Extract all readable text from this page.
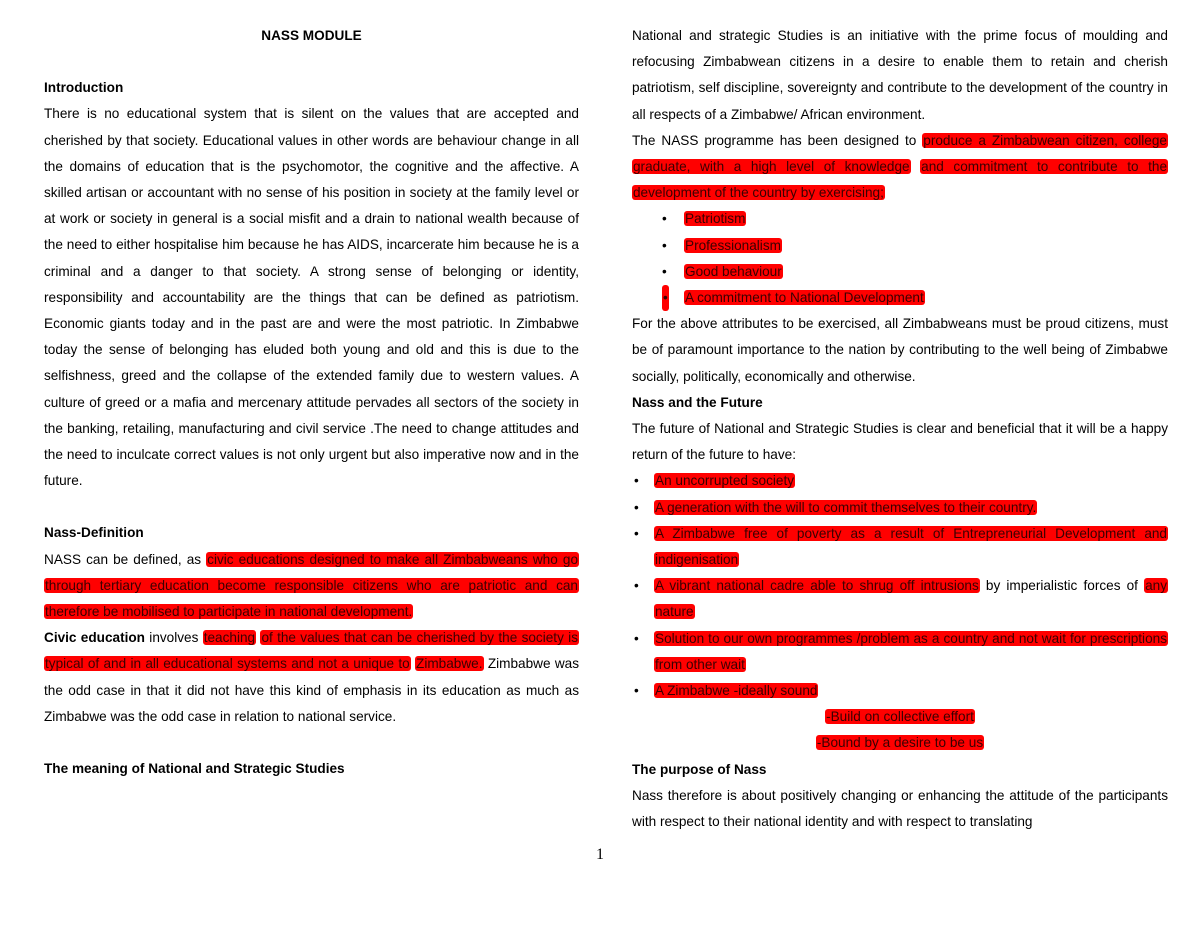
NASS MODULE

Introduction

There is no educational system that is silent on the values that are accepted and cherished by that society. Educational values in other words are behaviour change in all the domains of education that is the psychomotor, the cognitive and the affective. A skilled artisan or accountant with no sense of his position in society at the family level or at work or society in general is a social misfit and a drain to national wealth because of the need to either hospitalise him because he has AIDS, incarcerate him because he is a criminal and a danger to that society. A strong sense of belonging or identity, responsibility and accountability are the things that can be defined as patriotism. Economic giants today and in the past are and were the most patriotic. In Zimbabwe today the sense of belonging has eluded both young and old and this is due to the selfishness, greed and the collapse of the extended family due to western values. A culture of greed or a mafia and mercenary attitude pervades all sectors of the society in the banking, retailing, manufacturing and civil service .The need to change attitudes and the need to inculcate correct values is not only urgent but also imperative now and in the future.

Nass-Definition

NASS can be defined, as civic educations designed to make all Zimbabweans who go through tertiary education become responsible citizens who are patriotic and can therefore be mobilised to participate in national development.

Civic education involves teaching of the values that can be cherished by the society is typical of and in all educational systems and not a unique to Zimbabwe. Zimbabwe was the odd case in that it did not have this kind of emphasis in its education as much as Zimbabwe was the odd case in relation to national service.

The meaning of National and Strategic Studies

National and strategic Studies is an initiative with the prime focus of moulding and refocusing Zimbabwean citizens in a desire to enable them to retain and cherish patriotism, self discipline, sovereignty and contribute to the development of the country in all respects of a Zimbabwe/ African environment.

The NASS programme has been designed to produce a Zimbabwean citizen, college graduate, with a high level of knowledge and commitment to contribute to the development of the country by exercising;

• Patriotism
• Professionalism
• Good behaviour
• A commitment to National Development

For the above attributes to be exercised, all Zimbabweans must be proud citizens, must be of paramount importance to the nation by contributing to the well being of Zimbabwe socially, politically, economically and otherwise.

Nass and the Future

The future of National and Strategic Studies is clear and beneficial that it will be a happy return of the future to have:

• An uncorrupted society
• A generation with the will to commit themselves to their country.
• A Zimbabwe free of poverty as a result of Entrepreneurial Development and indigenisation
• A vibrant national cadre able to shrug off intrusions by imperialistic forces of any nature
• Solution to our own programmes /problem as a country and not wait for prescriptions from other wait
• A Zimbabwe -ideally sound

-Build on collective effort

-Bound by a desire to be us

The purpose of Nass

Nass therefore is about positively changing or enhancing the attitude of the participants with respect to their national identity and with respect to translating

1
